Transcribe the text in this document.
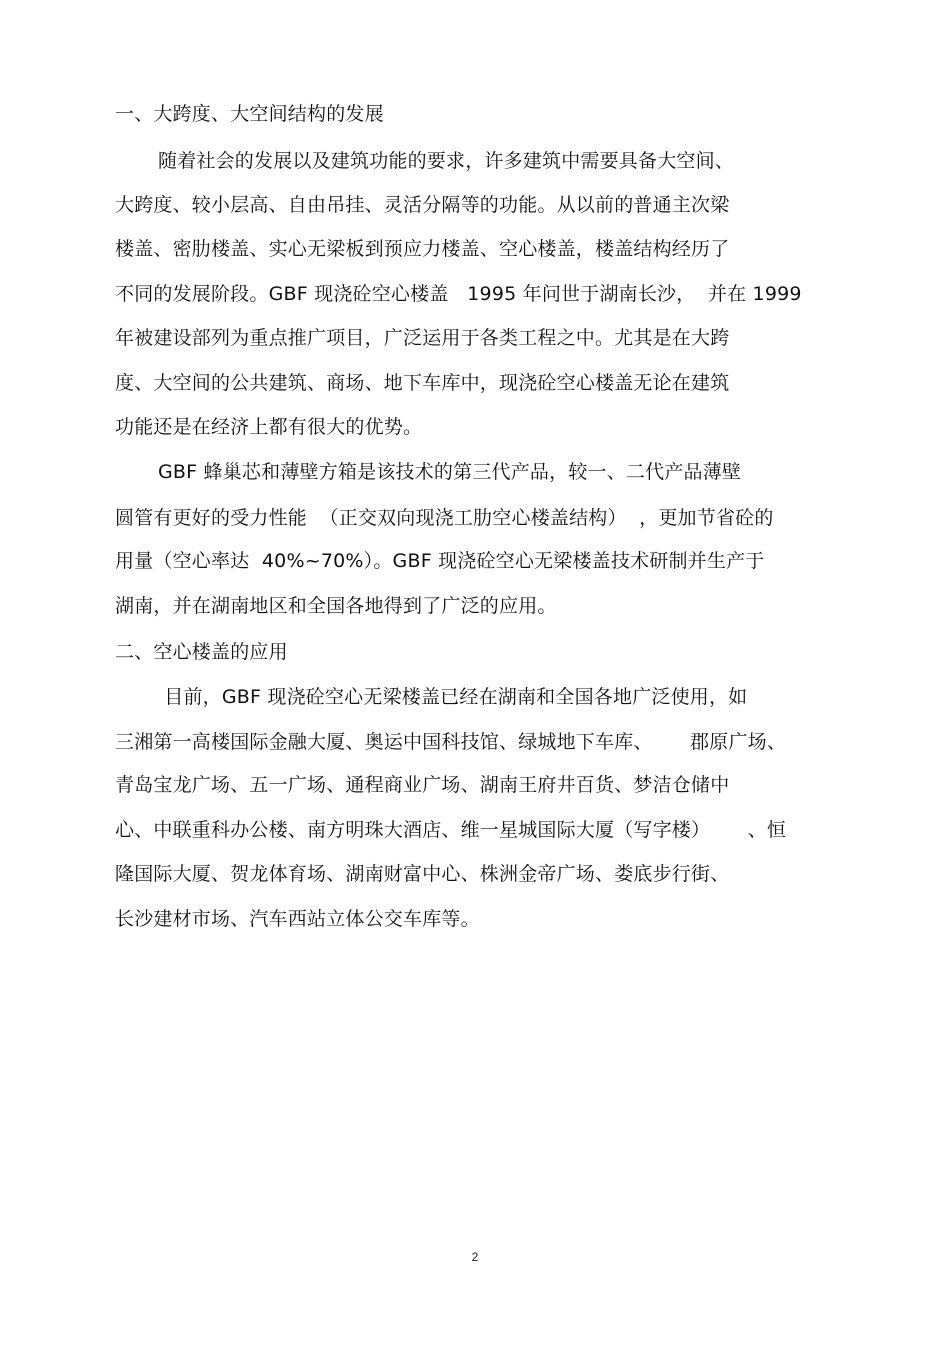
一、大跨度、大空间结构的发展
随着社会的发展以及建筑功能的要求，许多建筑中需要具备大空间、
大跨度、较小层高、自由吊挂、灵活分隔等的功能。从以前的普通主次梁
楼盖、密肋楼盖、实心无梁板到预应力楼盖、空心楼盖，楼盖结构经历了
不同的发展阶段。GBF 现浇砼空心楼盖   1995 年问世于湖南长沙，  并在 1999
年被建设部列为重点推广项目，广泛运用于各类工程之中。尤其是在大跨
度、大空间的公共建筑、商场、地下车库中，现浇砼空心楼盖无论在建筑
功能还是在经济上都有很大的优势。
GBF 蜂巢芯和薄壁方箱是该技术的第三代产品，较一、二代产品薄壁
圆管有更好的受力性能  （正交双向现浇工肋空心楼盖结构）  ，更加节省砼的
用量（空心率达  40%~70%）。GBF 现浇砼空心无梁楼盖技术研制并生产于
湖南，并在湖南地区和全国各地得到了广泛的应用。
二、空心楼盖的应用
目前，GBF 现浇砼空心无梁楼盖已经在湖南和全国各地广泛使用，如
三湘第一高楼国际金融大厦、奥运中国科技馆、绿城地下车库、      郡原广场、
青岛宝龙广场、五一广场、通程商业广场、湖南王府井百货、梦洁仓储中
心、中联重科办公楼、南方明珠大酒店、维一星城国际大厦（写字楼）      、恒
隆国际大厦、贺龙体育场、湖南财富中心、株洲金帝广场、娄底步行街、
长沙建材市场、汽车西站立体公交车库等。
2
